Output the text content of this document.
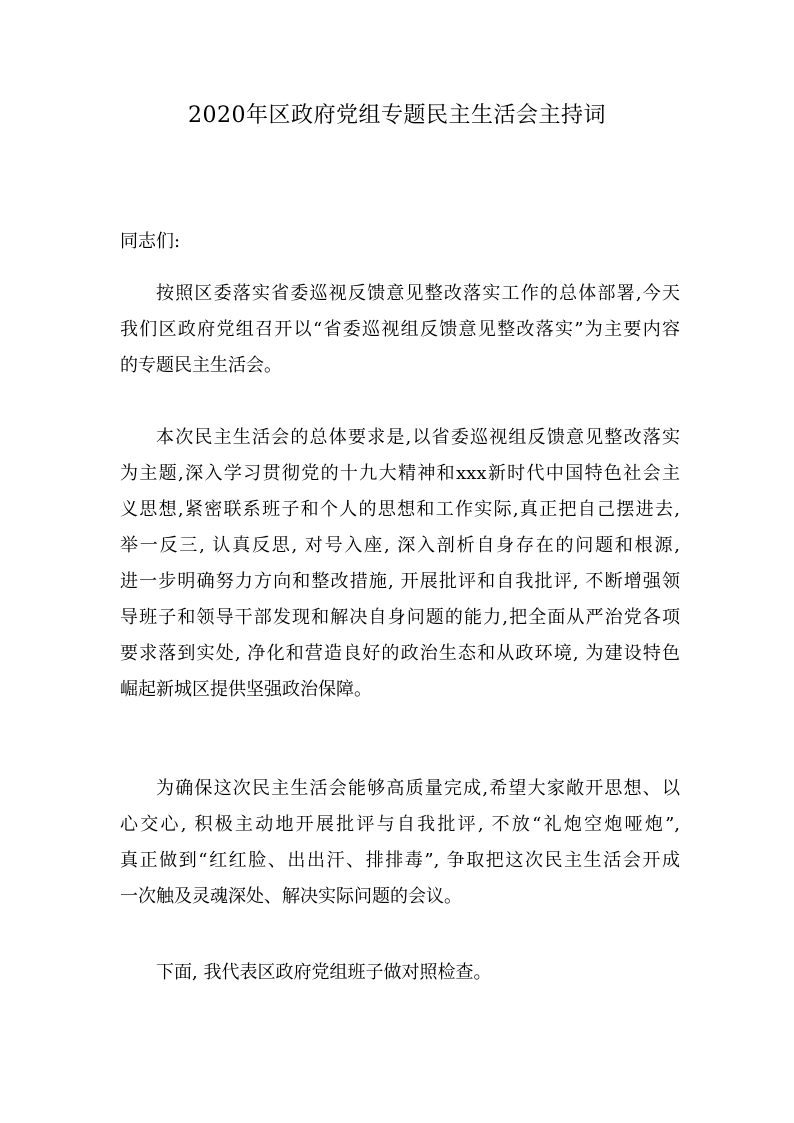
2020年区政府党组专题民主生活会主持词
同志们:
按照区委落实省委巡视反馈意见整改落实工作的总体部署,今天
我们区政府党组召开以“省委巡视组反馈意见整改落实”为主要内容
的专题民主生活会。
本次民主生活会的总体要求是,以省委巡视组反馈意见整改落实
为主题,深入学习贯彻党的十九大精神和xxx新时代中国特色社会主
义思想,紧密联系班子和个人的思想和工作实际,真正把自己摆进去,
举一反三, 认真反思, 对号入座, 深入剖析自身存在的问题和根源,
进一步明确努力方向和整改措施, 开展批评和自我批评, 不断增强领
导班子和领导干部发现和解决自身问题的能力,把全面从严治党各项
要求落到实处, 净化和营造良好的政治生态和从政环境, 为建设特色
崛起新城区提供坚强政治保障。
为确保这次民主生活会能够高质量完成,希望大家敞开思想、以
心交心, 积极主动地开展批评与自我批评, 不放“礼炮空炮哑炮”,
真正做到“红红脸、出出汗、排排毒”, 争取把这次民主生活会开成
一次触及灵魂深处、解决实际问题的会议。
下面, 我代表区政府党组班子做对照检查。
